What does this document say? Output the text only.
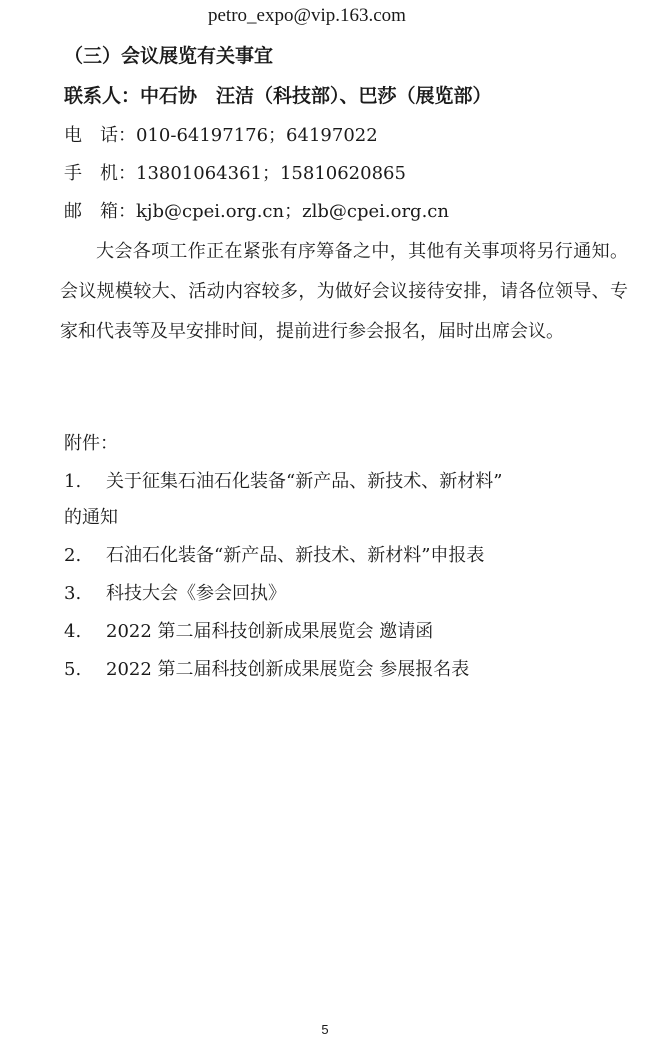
petro_expo@vip.163.com
（三）会议展览有关事宜
联系人：中石协　汪洁（科技部）、巴莎（展览部）
电　话：010-64197176；64197022
手　机：13801064361；15810620865
邮　箱：kjb@cpei.org.cn；zlb@cpei.org.cn
大会各项工作正在紧张有序筹备之中，其他有关事项将另行通知。会议规模较大、活动内容较多，为做好会议接待安排，请各位领导、专家和代表等及早安排时间，提前进行参会报名，届时出席会议。
附件：
1. 关于征集石油石化装备“新产品、新技术、新材料”
的通知
2. 石油石化装备“新产品、新技术、新材料”申报表
3. 科技大会《参会回执》
4. 2022 第二届科技创新成果展览会 邀请函
5. 2022 第二届科技创新成果展览会 参展报名表
5
